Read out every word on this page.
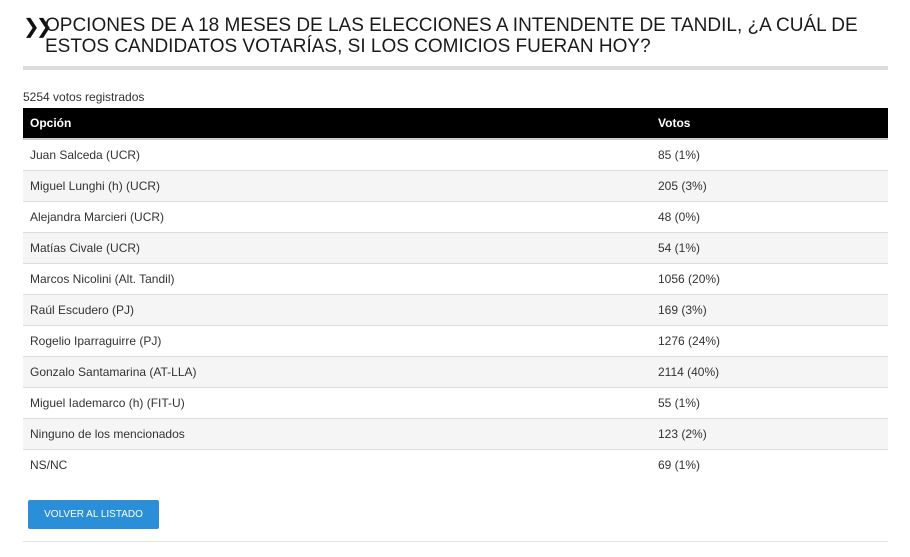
❯❯
OPCIONES DE A 18 MESES DE LAS ELECCIONES A INTENDENTE DE TANDIL, ¿A CUÁL DE ESTOS CANDIDATOS VOTARÍAS, SI LOS COMICIOS FUERAN HOY?
5254 votos registrados
Opción	Votos
Juan Salceda (UCR)	85 (1%)
Miguel Lunghi (h) (UCR)	205 (3%)
Alejandra Marcieri (UCR)	48 (0%)
Matías Civale (UCR)	54 (1%)
Marcos Nicolini (Alt. Tandil)	1056 (20%)
Raúl Escudero (PJ)	169 (3%)
Rogelio Iparraguirre (PJ)	1276 (24%)
Gonzalo Santamarina (AT-LLA)	2114 (40%)
Miguel Iademarco (h) (FIT-U)	55 (1%)
Ninguno de los mencionados	123 (2%)
NS/NC	69 (1%)
VOLVER AL LISTADO
